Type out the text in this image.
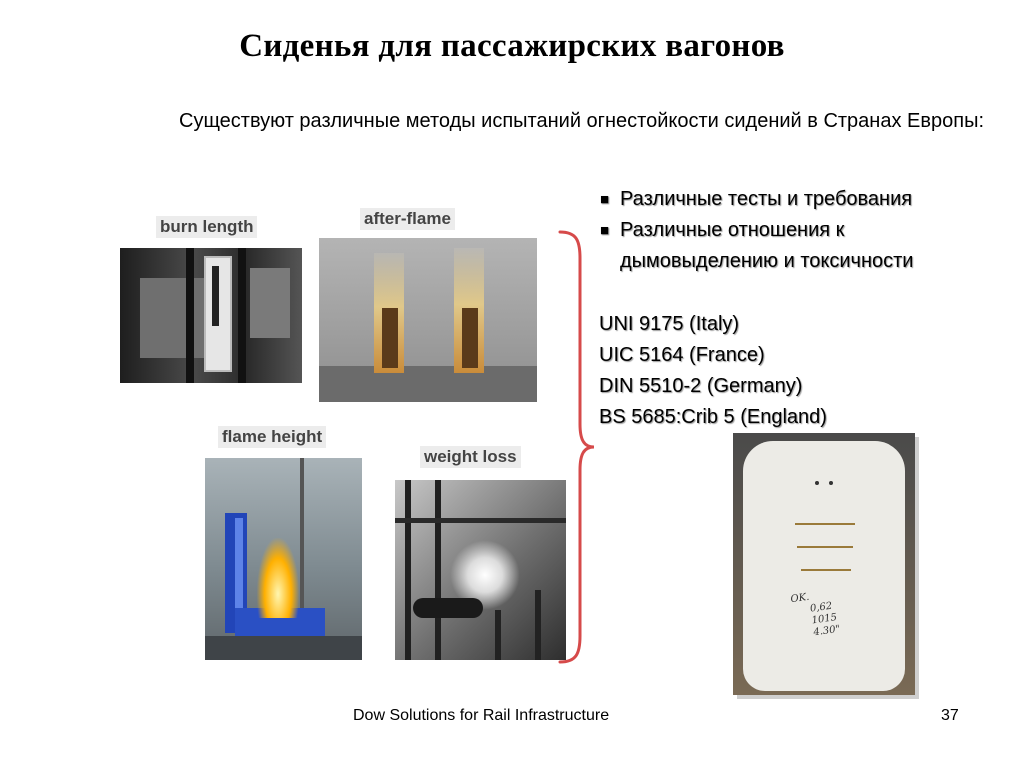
Сиденья для пассажирских вагонов
Существуют различные методы испытаний огнестойкости сидений в Странах Европы:
■ Различные тесты и требования
■ Различные отношения к
дымовыделению и токсичности
UNI 9175 (Italy)
UIC 5164 (France)
DIN 5510-2 (Germany)
BS 5685:Crib 5 (England)
burn length	after-flame
flame height
weight loss
OK.
0,62
1015
4.30"
Dow Solutions for Rail Infrastructure	37
